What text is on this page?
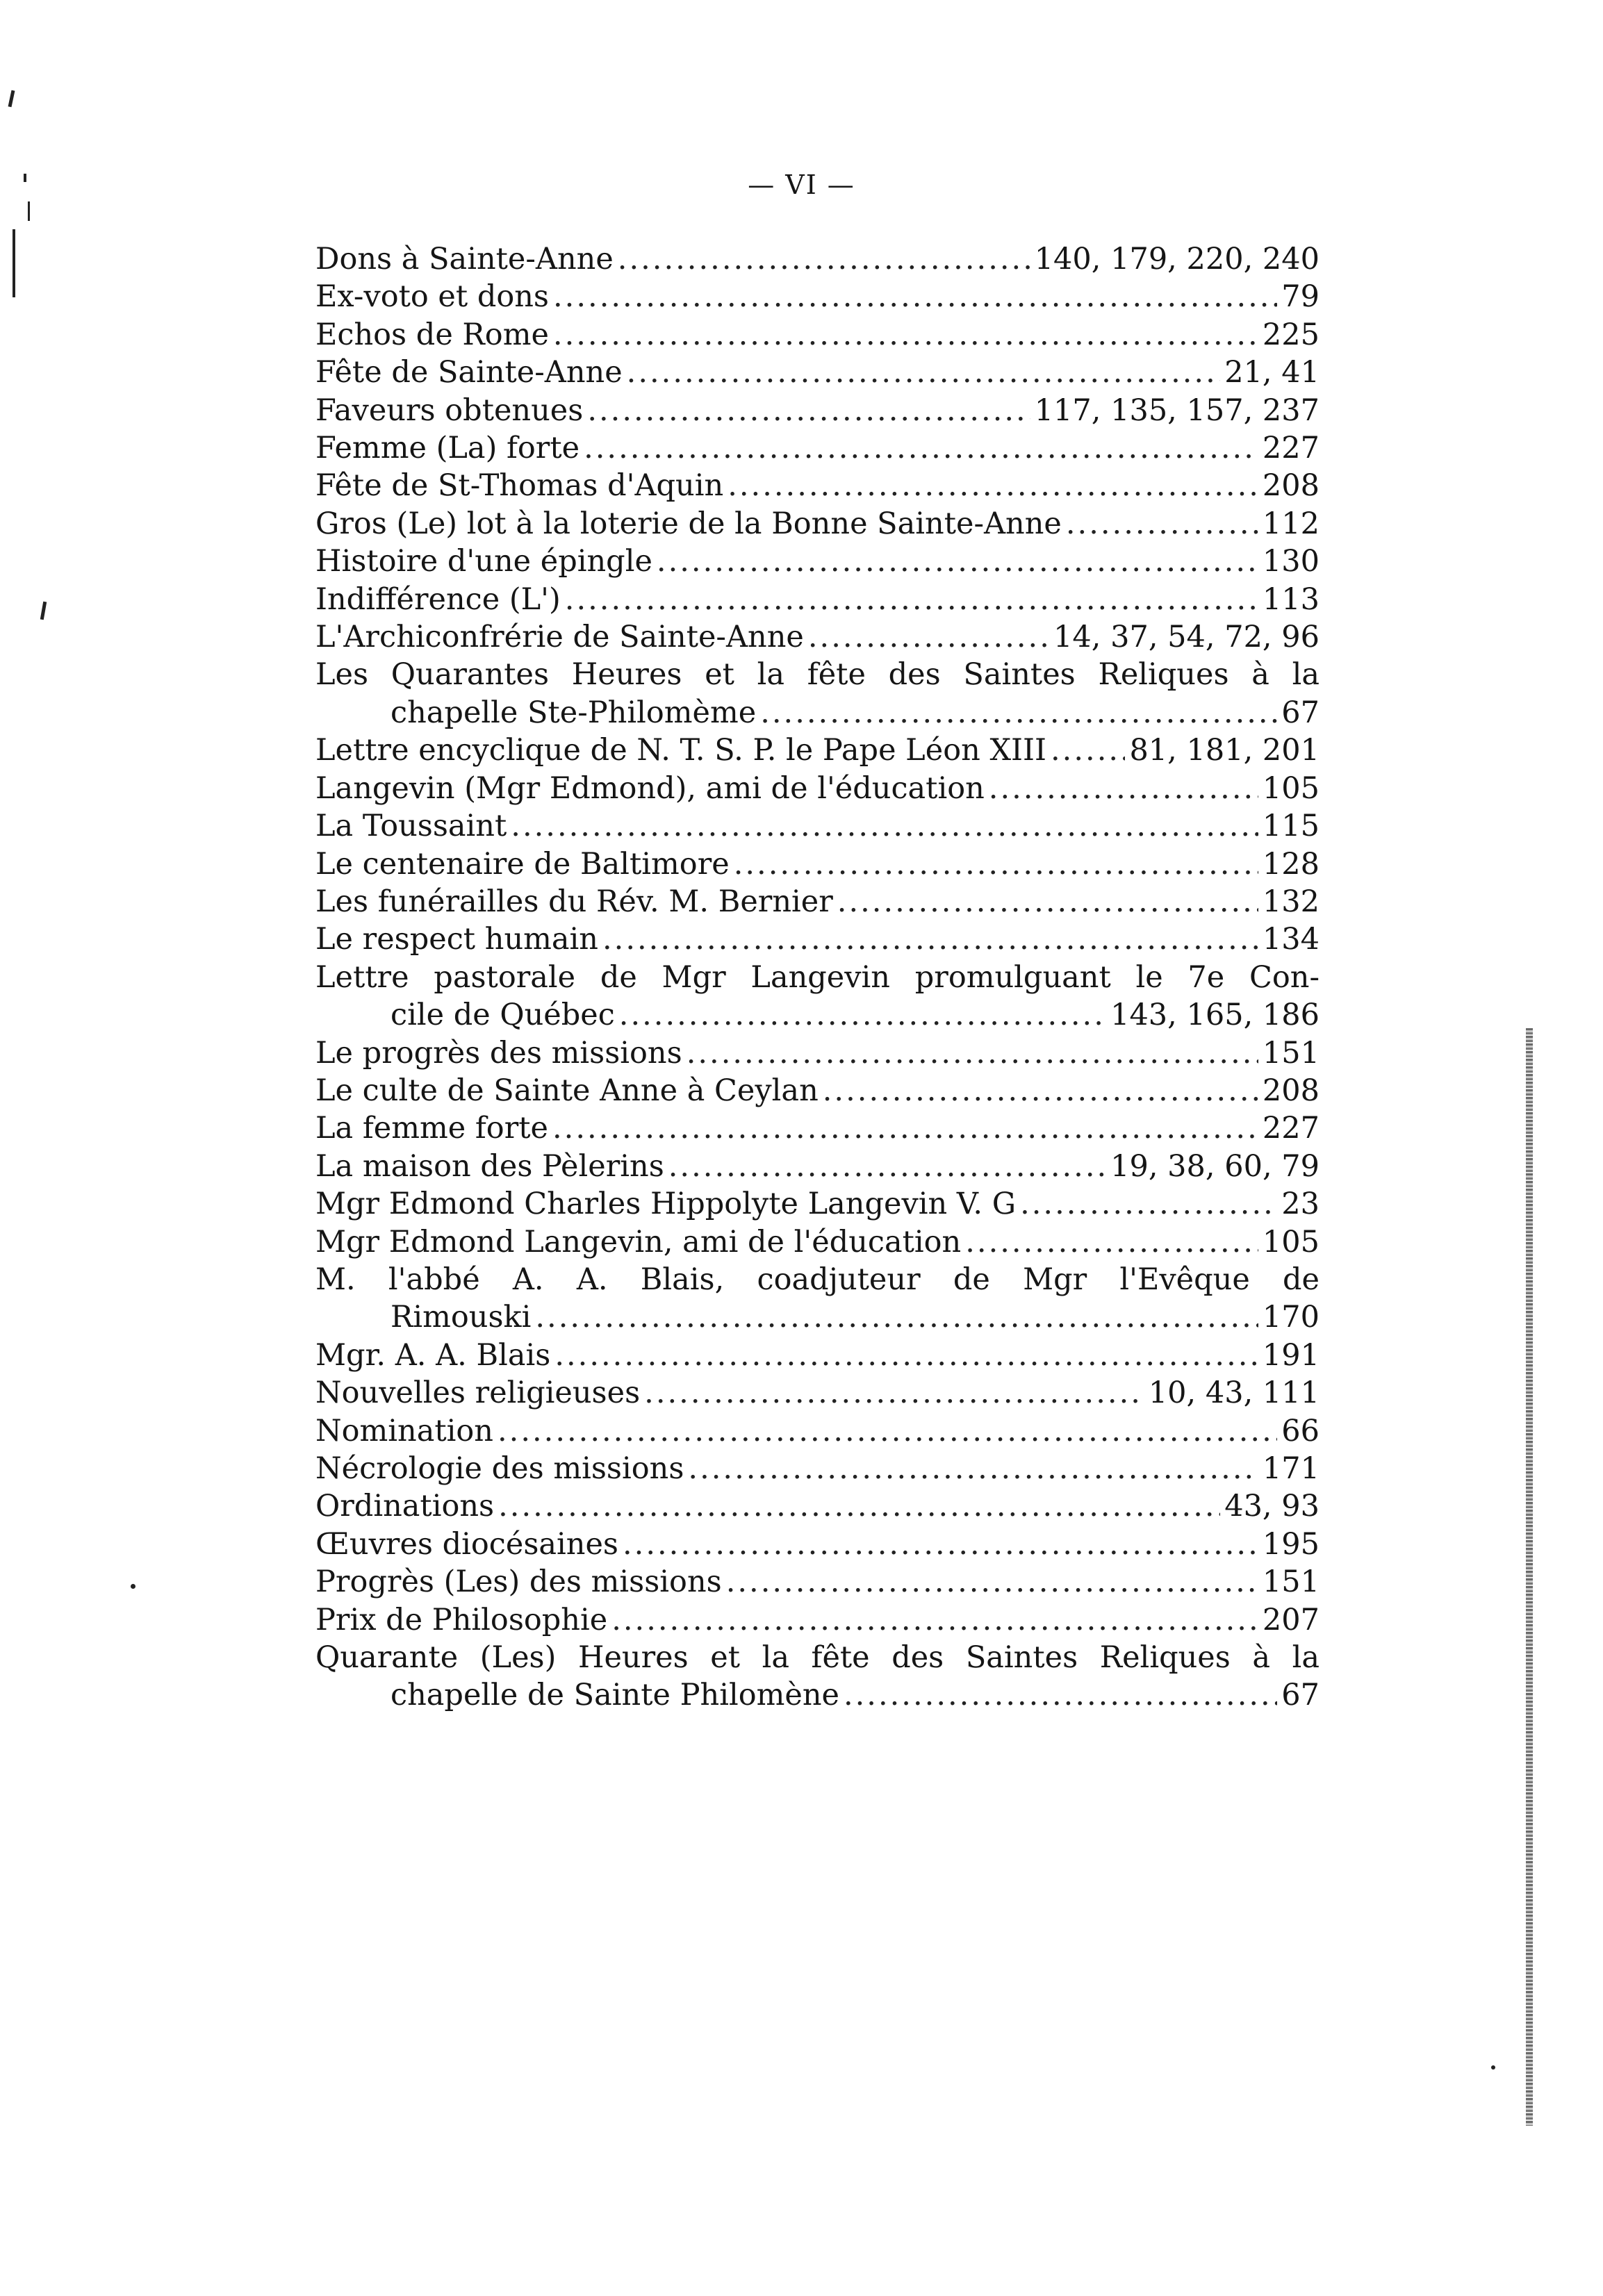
— VI —
Dons à Sainte-Anne .....	140, 179, 220, 240
Ex-voto et dons .....	79
Echos de Rome .....	225
Fête de Sainte-Anne .....	21, 41
Faveurs obtenues .....	117, 135, 157, 237
Femme (La) forte .....	227
Fête de St-Thomas d'Aquin .....	208
Gros (Le) lot à la loterie de la Bonne Sainte-Anne .....	112
Histoire d'une épingle .....	130
Indifférence (L') .....	113
L'Archiconfrérie de Sainte-Anne .....	14, 37, 54, 72, 96
Les Quarantes Heures et la fête des Saintes Reliques à la
chapelle Ste-Philomème .....	67
Lettre encyclique de N. T. S. P. le Pape Léon XIII .....	81, 181, 201
Langevin (Mgr Edmond), ami de l'éducation .....	105
La Toussaint .....	115
Le centenaire de Baltimore .....	128
Les funérailles du Rév. M. Bernier .....	132
Le respect humain .....	134
Lettre pastorale de Mgr Langevin promulguant le 7e Con-
cile de Québec .....	143, 165, 186
Le progrès des missions .....	151
Le culte de Sainte Anne à Ceylan .....	208
La femme forte .....	227
La maison des Pèlerins .....	19, 38, 60, 79
Mgr Edmond Charles Hippolyte Langevin V. G .....	23
Mgr Edmond Langevin, ami de l'éducation .....	105
M. l'abbé A. A. Blais, coadjuteur de Mgr l'Evêque de
Rimouski .....	170
Mgr. A. A. Blais .....	191
Nouvelles religieuses .....	10, 43, 111
Nomination .....	66
Nécrologie des missions .....	171
Ordinations .....	43, 93
Œuvres diocésaines .....	195
Progrès (Les) des missions .....	151
Prix de Philosophie .....	207
Quarante (Les) Heures et la fête des Saintes Reliques à la
chapelle de Sainte Philomène .....	67
